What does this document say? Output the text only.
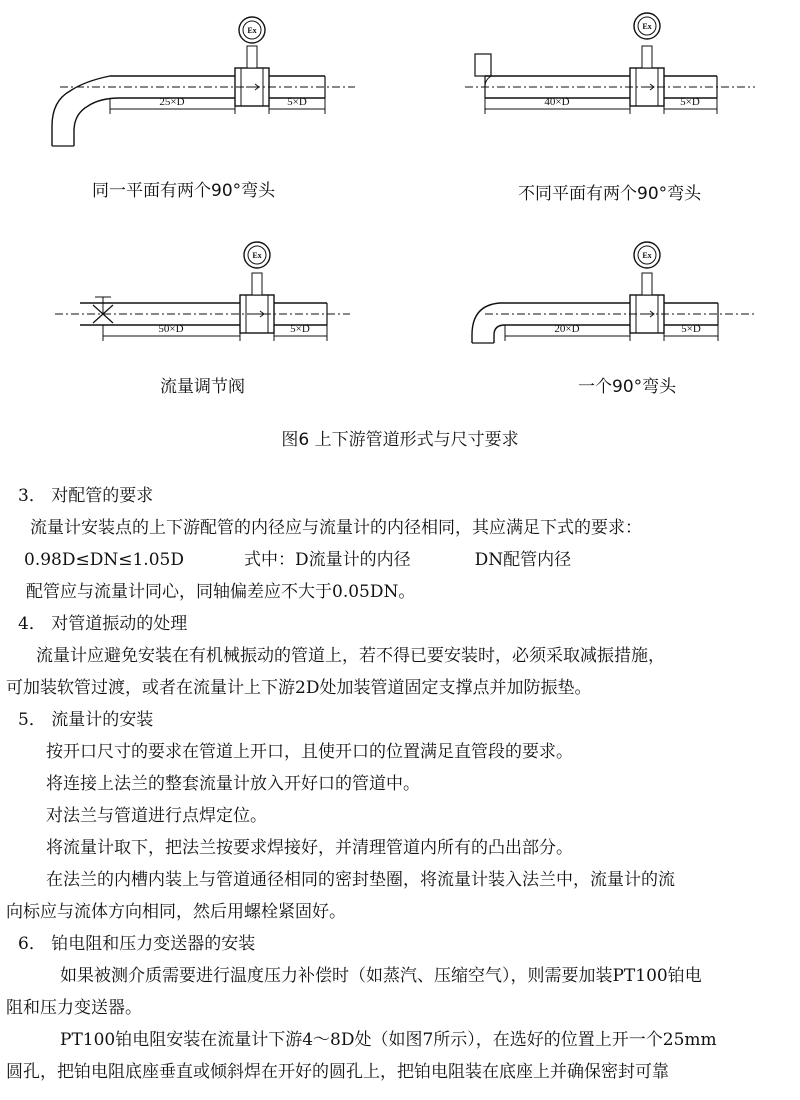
Ex
25×D	5×D
同一平面有两个90°弯头
Ex
40×D	5×D
不同平面有两个90°弯头
Ex
50×D	5×D
流量调节阀
Ex
20×D	5×D
一个90°弯头
图6 上下游管道形式与尺寸要求
3． 对配管的要求
流量计安装点的上下游配管的内径应与流量计的内径相同，其应满足下式的要求：
0.98D≤DN≤1.05D	式中：D流量计的内径	DN配管内径
配管应与流量计同心，同轴偏差应不大于0.05DN。
4． 对管道振动的处理
流量计应避免安装在有机械振动的管道上，若不得已要安装时，必须采取减振措施，
可加装软管过渡，或者在流量计上下游2D处加装管道固定支撑点并加防振垫。
5． 流量计的安装
按开口尺寸的要求在管道上开口，且使开口的位置满足直管段的要求。
将连接上法兰的整套流量计放入开好口的管道中。
对法兰与管道进行点焊定位。
将流量计取下，把法兰按要求焊接好，并清理管道内所有的凸出部分。
在法兰的内槽内装上与管道通径相同的密封垫圈，将流量计装入法兰中，流量计的流
向标应与流体方向相同，然后用螺栓紧固好。
6． 铂电阻和压力变送器的安装
如果被测介质需要进行温度压力补偿时（如蒸汽、压缩空气），则需要加装PT100铂电
阻和压力变送器。
PT100铂电阻安装在流量计下游4～8D处（如图7所示），在选好的位置上开一个25mm
圆孔，把铂电阻底座垂直或倾斜焊在开好的圆孔上，把铂电阻装在底座上并确保密封可靠
